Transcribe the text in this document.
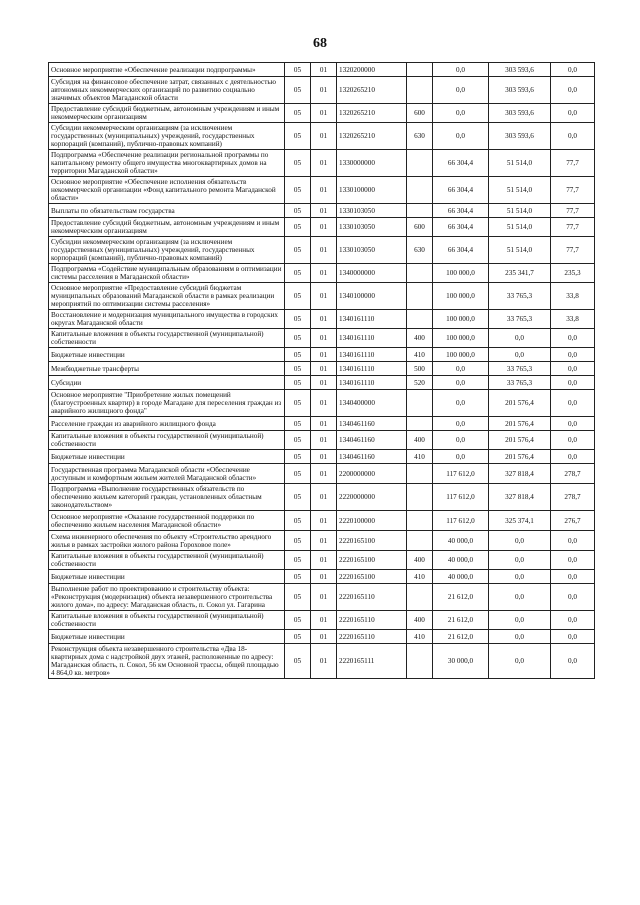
68
Основное мероприятие «Обеспечение реализации подпрограммы»	05	01	1320200000		0,0	303 593,6	0,0
Субсидия на финансовое обеспечение затрат, связанных с деятельностью автономных некоммерческих организаций по развитию социально значимых объектов Магаданской области	05	01	1320265210		0,0	303 593,6	0,0
Предоставление субсидий бюджетным, автономным учреждениям и иным некоммерческим организациям	05	01	1320265210	600	0,0	303 593,6	0,0
Субсидии некоммерческим организациям (за исключением государственных (муниципальных) учреждений, государственных корпораций (компаний), публично-правовых компаний)	05	01	1320265210	630	0,0	303 593,6	0,0
Подпрограмма «Обеспечение реализации региональной программы по капитальному ремонту общего имущества многоквартирных домов на территории Магаданской области»	05	01	1330000000		66 304,4	51 514,0	77,7
Основное мероприятие «Обеспечение исполнения обязательств некоммерческой организации «Фонд капитального ремонта Магаданской области»	05	01	1330100000		66 304,4	51 514,0	77,7
Выплаты по обязательствам государства	05	01	1330103050		66 304,4	51 514,0	77,7
Предоставление субсидий бюджетным, автономным учреждениям и иным некоммерческим организациям	05	01	1330103050	600	66 304,4	51 514,0	77,7
Субсидии некоммерческим организациям (за исключением государственных (муниципальных) учреждений, государственных корпораций (компаний), публично-правовых компаний)	05	01	1330103050	630	66 304,4	51 514,0	77,7
Подпрограмма «Содействие муниципальным образованиям в оптимизации системы расселения в Магаданской области»	05	01	1340000000		100 000,0	235 341,7	235,3
Основное мероприятие «Предоставление субсидий бюджетам муниципальных образований Магаданской области в рамках реализации мероприятий по оптимизации системы расселения»	05	01	1340100000		100 000,0	33 765,3	33,8
Восстановление и модернизация муниципального имущества в городских округах Магаданской области	05	01	1340161110		100 000,0	33 765,3	33,8
Капитальные вложения в объекты государственной (муниципальной) собственности	05	01	1340161110	400	100 000,0	0,0	0,0
Бюджетные инвестиции	05	01	1340161110	410	100 000,0	0,0	0,0
Межбюджетные трансферты	05	01	1340161110	500	0,0	33 765,3	0,0
Субсидии	05	01	1340161110	520	0,0	33 765,3	0,0
Основное мероприятие "Приобретение жилых помещений (благоустроенных квартир) в городе Магадане для переселения граждан из аварийного жилищного фонда"	05	01	1340400000		0,0	201 576,4	0,0
Расселение граждан из аварийного жилищного фонда	05	01	1340461160		0,0	201 576,4	0,0
Капитальные вложения в объекты государственной (муниципальной) собственности	05	01	1340461160	400	0,0	201 576,4	0,0
Бюджетные инвестиции	05	01	1340461160	410	0,0	201 576,4	0,0
Государственная программа Магаданской области «Обеспечение доступным и комфортным жильем жителей Магаданской области»	05	01	2200000000		117 612,0	327 818,4	278,7
Подпрограмма «Выполнение государственных обязательств по обеспечению жильем категорий граждан, установленных областным законодательством»	05	01	2220000000		117 612,0	327 818,4	278,7
Основное мероприятие «Оказание государственной поддержки по обеспечению жильем населения Магаданской области»	05	01	2220100000		117 612,0	325 374,1	276,7
Схема инженерного обеспечения по объекту «Строительство арендного жилья в рамках застройки жилого района Гороховое поле»	05	01	2220165100		40 000,0	0,0	0,0
Капитальные вложения в объекты государственной (муниципальной) собственности	05	01	2220165100	400	40 000,0	0,0	0,0
Бюджетные инвестиции	05	01	2220165100	410	40 000,0	0,0	0,0
Выполнение работ по проектированию и строительству объекта: «Реконструкция (модернизация) объекта незавершенного строительства жилого дома», по адресу: Магаданская область, п. Сокол ул. Гагарина	05	01	2220165110		21 612,0	0,0	0,0
Капитальные вложения в объекты государственной (муниципальной) собственности	05	01	2220165110	400	21 612,0	0,0	0,0
Бюджетные инвестиции	05	01	2220165110	410	21 612,0	0,0	0,0
Реконструкция объекта незавершенного строительства «Два 18-квартирных дома с надстройкой двух этажей, расположенные по адресу: Магаданская область, п. Сокол, 56 км Основной трассы, общей площадью 4 864,0 кв. метров»	05	01	2220165111		30 000,0	0,0	0,0
